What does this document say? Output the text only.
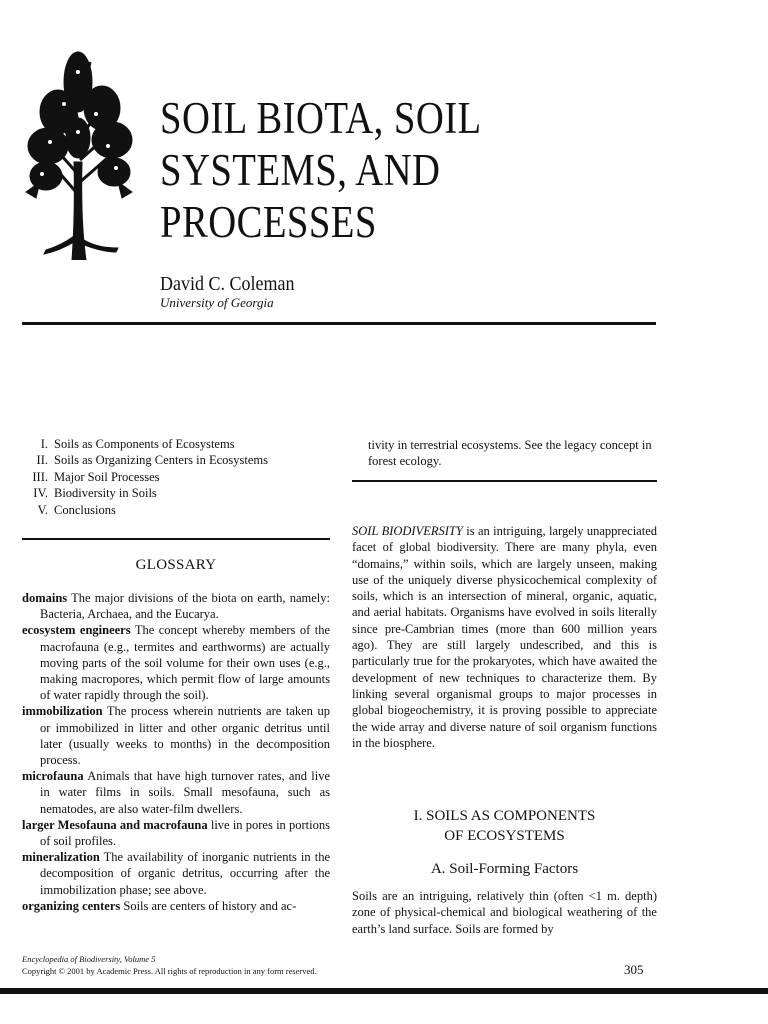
SOIL BIOTA, SOIL
SYSTEMS, AND
PROCESSES
David C. Coleman
University of Georgia
I. Soils as Components of Ecosystems
II. Soils as Organizing Centers in Ecosystems
III. Major Soil Processes
IV. Biodiversity in Soils
V. Conclusions
GLOSSARY

domains The major divisions of the biota on earth, namely: Bacteria, Archaea, and the Eucarya.

ecosystem engineers The concept whereby members of the macrofauna (e.g., termites and earthworms) are actually moving parts of the soil volume for their own uses (e.g., making macropores, which permit flow of large amounts of water rapidly through the soil).

immobilization The process wherein nutrients are taken up or immobilized in litter and other organic detritus until later (usually weeks to months) in the decomposition process.

microfauna Animals that have high turnover rates, and live in water films in soils. Small mesofauna, such as nematodes, are also water-film dwellers.

larger Mesofauna and macrofauna live in pores in portions of soil profiles.

mineralization The availability of inorganic nutrients in the decomposition of organic detritus, occurring after the immobilization phase; see above.

organizing centers Soils are centers of history and ac-

tivity in terrestrial ecosystems. See the legacy concept in forest ecology.
SOIL BIODIVERSITY is an intriguing, largely unappreciated facet of global biodiversity. There are many phyla, even “domains,” within soils, which are largely unseen, making use of the uniquely diverse physicochemical complexity of soils, which is an intersection of mineral, organic, aquatic, and aerial habitats. Organisms have evolved in soils literally since pre-Cambrian times (more than 600 million years ago). They are still largely undescribed, and this is particularly true for the prokaryotes, which have awaited the development of new techniques to characterize them. By linking several organismal groups to major processes in global biogeochemistry, it is proving possible to appreciate the wide array and diverse nature of soil organism functions in the biosphere.
I. SOILS AS COMPONENTS
OF ECOSYSTEMS
A. Soil-Forming Factors
Soils are an intriguing, relatively thin (often <1 m. depth) zone of physical-chemical and biological weathering of the earth’s land surface. Soils are formed by
Encyclopedia of Biodiversity, Volume 5
Copyright © 2001 by Academic Press. All rights of reproduction in any form reserved.	305
